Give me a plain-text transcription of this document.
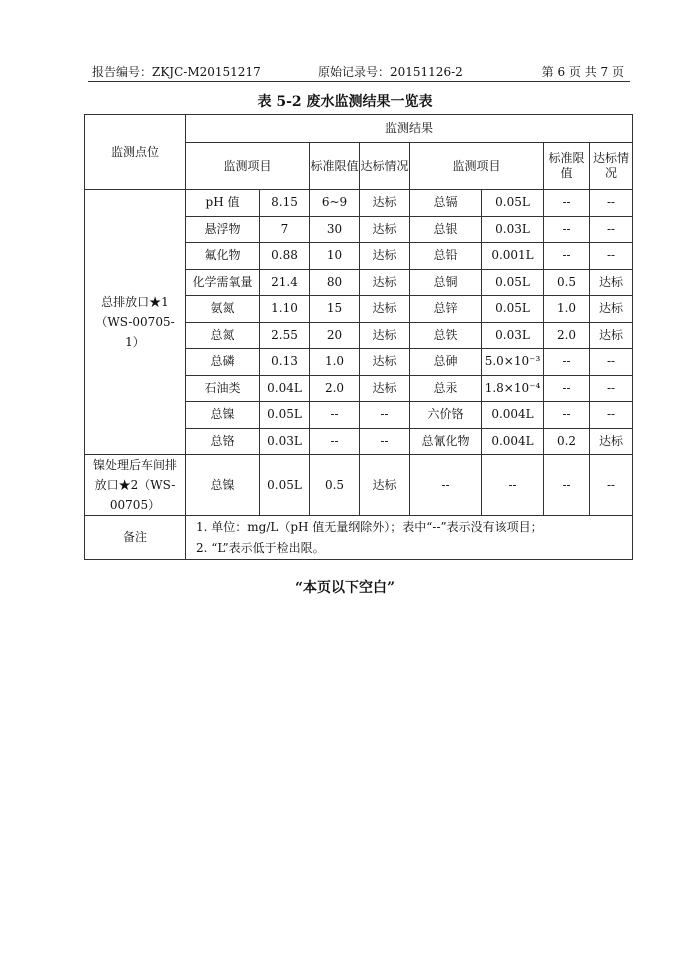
报告编号：ZKJC-M20151217	原始记录号：20151126-2	第 6 页 共 7 页
表 5-2 废水监测结果一览表
监测点位	监测结果							
	监测项目		标准限值	达标情况	监测项目		标准限值	达标情况
总排放口★1（WS-00705-1）	pH 值	8.15	6~9	达标	总镉	0.05L	--	--
	悬浮物	7	30	达标	总银	0.03L	--	--
	氟化物	0.88	10	达标	总铅	0.001L	--	--
	化学需氧量	21.4	80	达标	总铜	0.05L	0.5	达标
	氨氮	1.10	15	达标	总锌	0.05L	1.0	达标
	总氮	2.55	20	达标	总铁	0.03L	2.0	达标
	总磷	0.13	1.0	达标	总砷	5.0×10⁻³	--	--
	石油类	0.04L	2.0	达标	总汞	1.8×10⁻⁴	--	--
	总镍	0.05L	--	--	六价铬	0.004L	--	--
	总铬	0.03L	--	--	总氰化物	0.004L	0.2	达标
镍处理后车间排放口★2（WS-00705）	总镍	0.05L	0.5	达标	--	--	--	--
备注	1. 单位：mg/L（pH 值无量纲除外）；表中“--”表示没有该项目；
2. “L”表示低于检出限。							
“本页以下空白”
